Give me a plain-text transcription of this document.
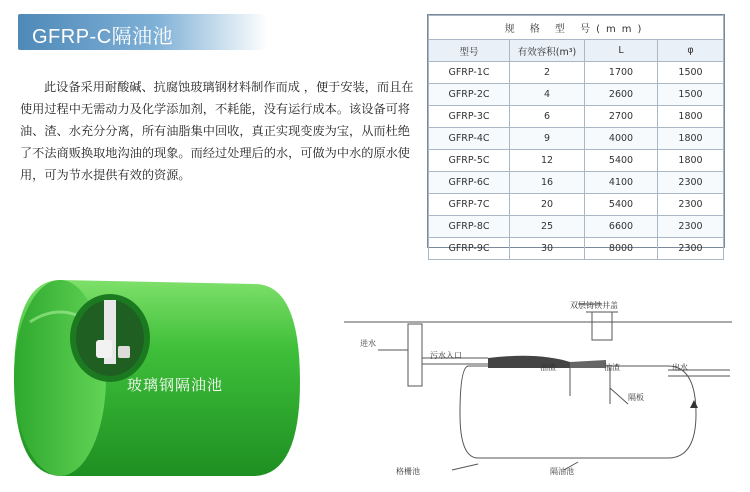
GFRP-C隔油池

此设备采用耐酸碱、抗腐蚀玻璃钢材料制作而成 ，便于安装，而且在使用过程中无需动力及化学添加剂，不耗能，没有运行成本。该设备可将油、渣、水充分分离，所有油脂集中回收，真正实现变废为宝，从而杜绝了不法商贩换取地沟油的现象。而经过处理后的水，可做为中水的原水使用，可为节水提供有效的资源。

规 格 型 号(mm)			
型号	有效容积(m³)	L	φ
GFRP-1C	2	1700	1500
GFRP-2C	4	2600	1500
GFRP-3C	6	2700	1800
GFRP-4C	9	4000	1800
GFRP-5C	12	5400	1800
GFRP-6C	16	4100	2300
GFRP-7C	20	5400	2300
GFRP-8C	25	6600	2300
GFRP-9C	30	8000	2300
玻璃钢隔油池
双层铸铁井盖
进水
污水入口
油渣	油渣	出水
隔板
格栅池	隔油池
